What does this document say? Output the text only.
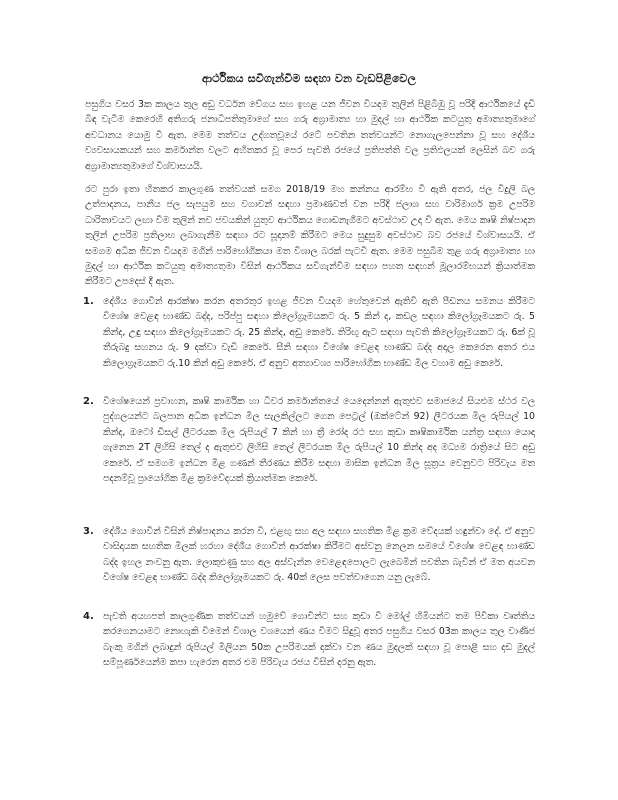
ආර්ථිකය සවිගැන්වීම සඳහා වන වැඩපිළිවෙල

පසුගිය වසර 3ක කාලය තුල අඩු වර්ධන වේගය සහ ඉහළ යන ජීවන වියදම තුලින් පිළිබිඹු වූ පරිදි ආර්ථිකයේ දැඩි බිඳ වැටීම කෙරෙහි අතිගරු ජනාධිපතිතුමාගේ සහ ගරු අග්‍රාමාත්‍ය හා මුදල් හා ආර්ථික කටයුතු අමාත්‍යතුමාගේ අවධානය යොමු වී ඇත. මෙම තත්වය උද්ගතවූයේ රටේ පවතින තත්වයන්ට නොගැලපෙන්නා වූ සහ දේශීය ව්‍යවසායකයන් සහ කර්මාන්ත වලට අහිතකර වූ පෙර පැවති රජයේ ප්‍රතිපත්ති වල ප්‍රතිඵලයක් ලෙසින් බව ගරු අග්‍රාමාත්‍යතුමාගේ විශ්වාසයයි.

රට පුරා ඉතා හිතකර කාලගුණ තත්වයක් සමග 2018/19 මහ කන්නය ආරම්භ වී ඇති අතර, ජල විදුලි බල උත්පාදනය, පානීය ජල සැපයුම සහ වගාවන් සඳහා ප්‍රමාණවත් වන පරිදි ජලාශ සහ වාරිමාර්ග ක්‍රම උපරිම ධාරිතාවයට ලඟා වීම තුලින් නව ජවයකින් යුතුව ආර්ථිකය ගොඩනැගීමට අවස්ථාව උදා වී ඇත. මෙය කෘෂි නිෂ්පාදන තුලින් උපරිම ප්‍රතිලාභ ලබාගැනීම සඳහා රට සූදානම් කිරීමට මෙය සුදුසුම අවස්ථාව බව රජයේ විශ්වාසයයි. ඒ සමගම අධික ජීවන වියදම මගින් පාරිභෝගිකයා මත විශාල බරක් පැටවී ඇත. මෙම පසුබිම තුළ ගරු අග්‍රාමාත්‍ය හා මුදල් හා ආර්ථික කටයුතු අමාත්‍යතුමා විසින් ආර්ථිකය සවිගැන්වීම සඳහා පහත සඳහන් මූලාරම්භයන් ක්‍රියාත්මක කිරීමට උපදෙස් දී ඇත.

1. දේශීය ගොවීන් ආරක්ෂා කරන අතරතුර ඉහළ ජීවන වියදම හේතුවෙන් ඇතිවී ඇති පීඩනය සමනය කිරීමට විශේෂ වෙළඳ භාණ්ඩ බද්ද, පරිප්පු සඳහා කිලෝග්‍රෑමයකට රු. 5 කින් ද, කඩල සඳහා කිලෝග්‍රෑමයකට රු. 5 කින්ද, උඳු සඳහා කිලෝග්‍රෑමයකට රු. 25 කින්ද, අඩු කෙරේ. තිරිඟු ඇට සඳහා පැවති කිලෝග්‍රෑමයකට රු. 6ක් වූ තීරුබදු සහනය රු. 9 දක්වා වැඩි කෙරේ. සීනි සඳහා විශේෂ වෙළඳ භාණ්ඩ බද්ද අදාල කෙරෙන අතර එය කිලොග්‍රෑමයකට රු.10 කින් අඩු කෙරේ. ඒ අනුව අත්‍යාවශ්‍ය පාරිභෝගික භාණ්ඩ මිල වහාම අඩු කෙරේ.
2. විශේෂයෙන් ප්‍රවාහන, කෘෂි කාර්මික හා ධීවර කර්මාන්තයේ යෙදෙන්නන් ඇතුළුව සමාජයේ සියළුම ස්ථර වල පුද්ගලයන්ට බලපාන අධික ඉන්ධන මිල සැලකිල්ලට ගෙන පෙට්‍රල් (ඔක්ටේන් 92) ලීටරයක මිල රුපියල් 10 කින්ද, ඔටෝ ඩීසල් ලීටරයක මිල රුපියල් 7 කින් හා ත්‍රී රෝද රථ සහ කුඩා කෘෂිකාර්මික යන්ත්‍ර සඳහා යොදා ගැනෙන 2T ලිහිසි තෙල් ද ඇතුළුව ලිහිසි තෙල් ලීටරයක මිල රුපියල් 10 කින්ද අද මධ්‍යම රාත්‍රියේ සිට අඩු කෙරේ. ඒ සමගම ඉන්ධන මිළ ගණන් තීරණය කිරීම සඳහා මාසික ඉන්ධන මිල සූත්‍රය වෙනුවට පිරිවැය මත පදනම්වූ ප්‍රායෝගික මිළ ක්‍රමවේදයක් ක්‍රියාත්මක කෙරේ.
3. දේශීය ගොවීන් විසින් නිෂ්පාදනය කරන වී, එළඟු සහ අල සඳහා සහතික මිළ ක්‍රම වේදයක් හඳුන්වා දේ. ඒ අනුව වාසිදායක සහතික මිලක් හරහා දේශීය ගොවීන් ආරක්ෂා කිරීමට අස්වනු නෙලන සමයේ විශේෂ වෙළඳ භාණ්ඩ බද්ද ඉහල නංවනු ඇත. ලොකුළුණු සහ අල අස්වැන්න වෙළෙඳපොලට ලැබෙමින් පවතින බැවින් ඒ මත අයවන විශේෂ වෙළඳ භාණ්ඩ බද්ද කිලෝග්‍රෑමයකට රු. 40ක් ලෙස පවත්වාගෙන යනු ලැබේ.
4. පැවති අයහපත් කාලගුණික තත්වයන් හමුවේ ගොවීන්ට සහ කුඩා වී මෝල් හිමියන්ට තම පිවිකා වෘත්තිය කරගෙනයාමට නොහැකි වීමෙන් විශාල වශයෙන් ණය වීමට සිදුවූ අතර පසුගිය වසර 03ක කාලය තුල වාණිජ බැංකු මගින් ලබාදුන් රුපියල් මිලියන 50ක උපරිමයක් දක්වා වන ණය මුදලක් සඳහා වූ පොළී සහ දඩ මුදල් සම්පූර්ණයෙන්ම කපා හැරෙන අතර එම පිරිවැය රජය විසින් දරනු ඇත.
